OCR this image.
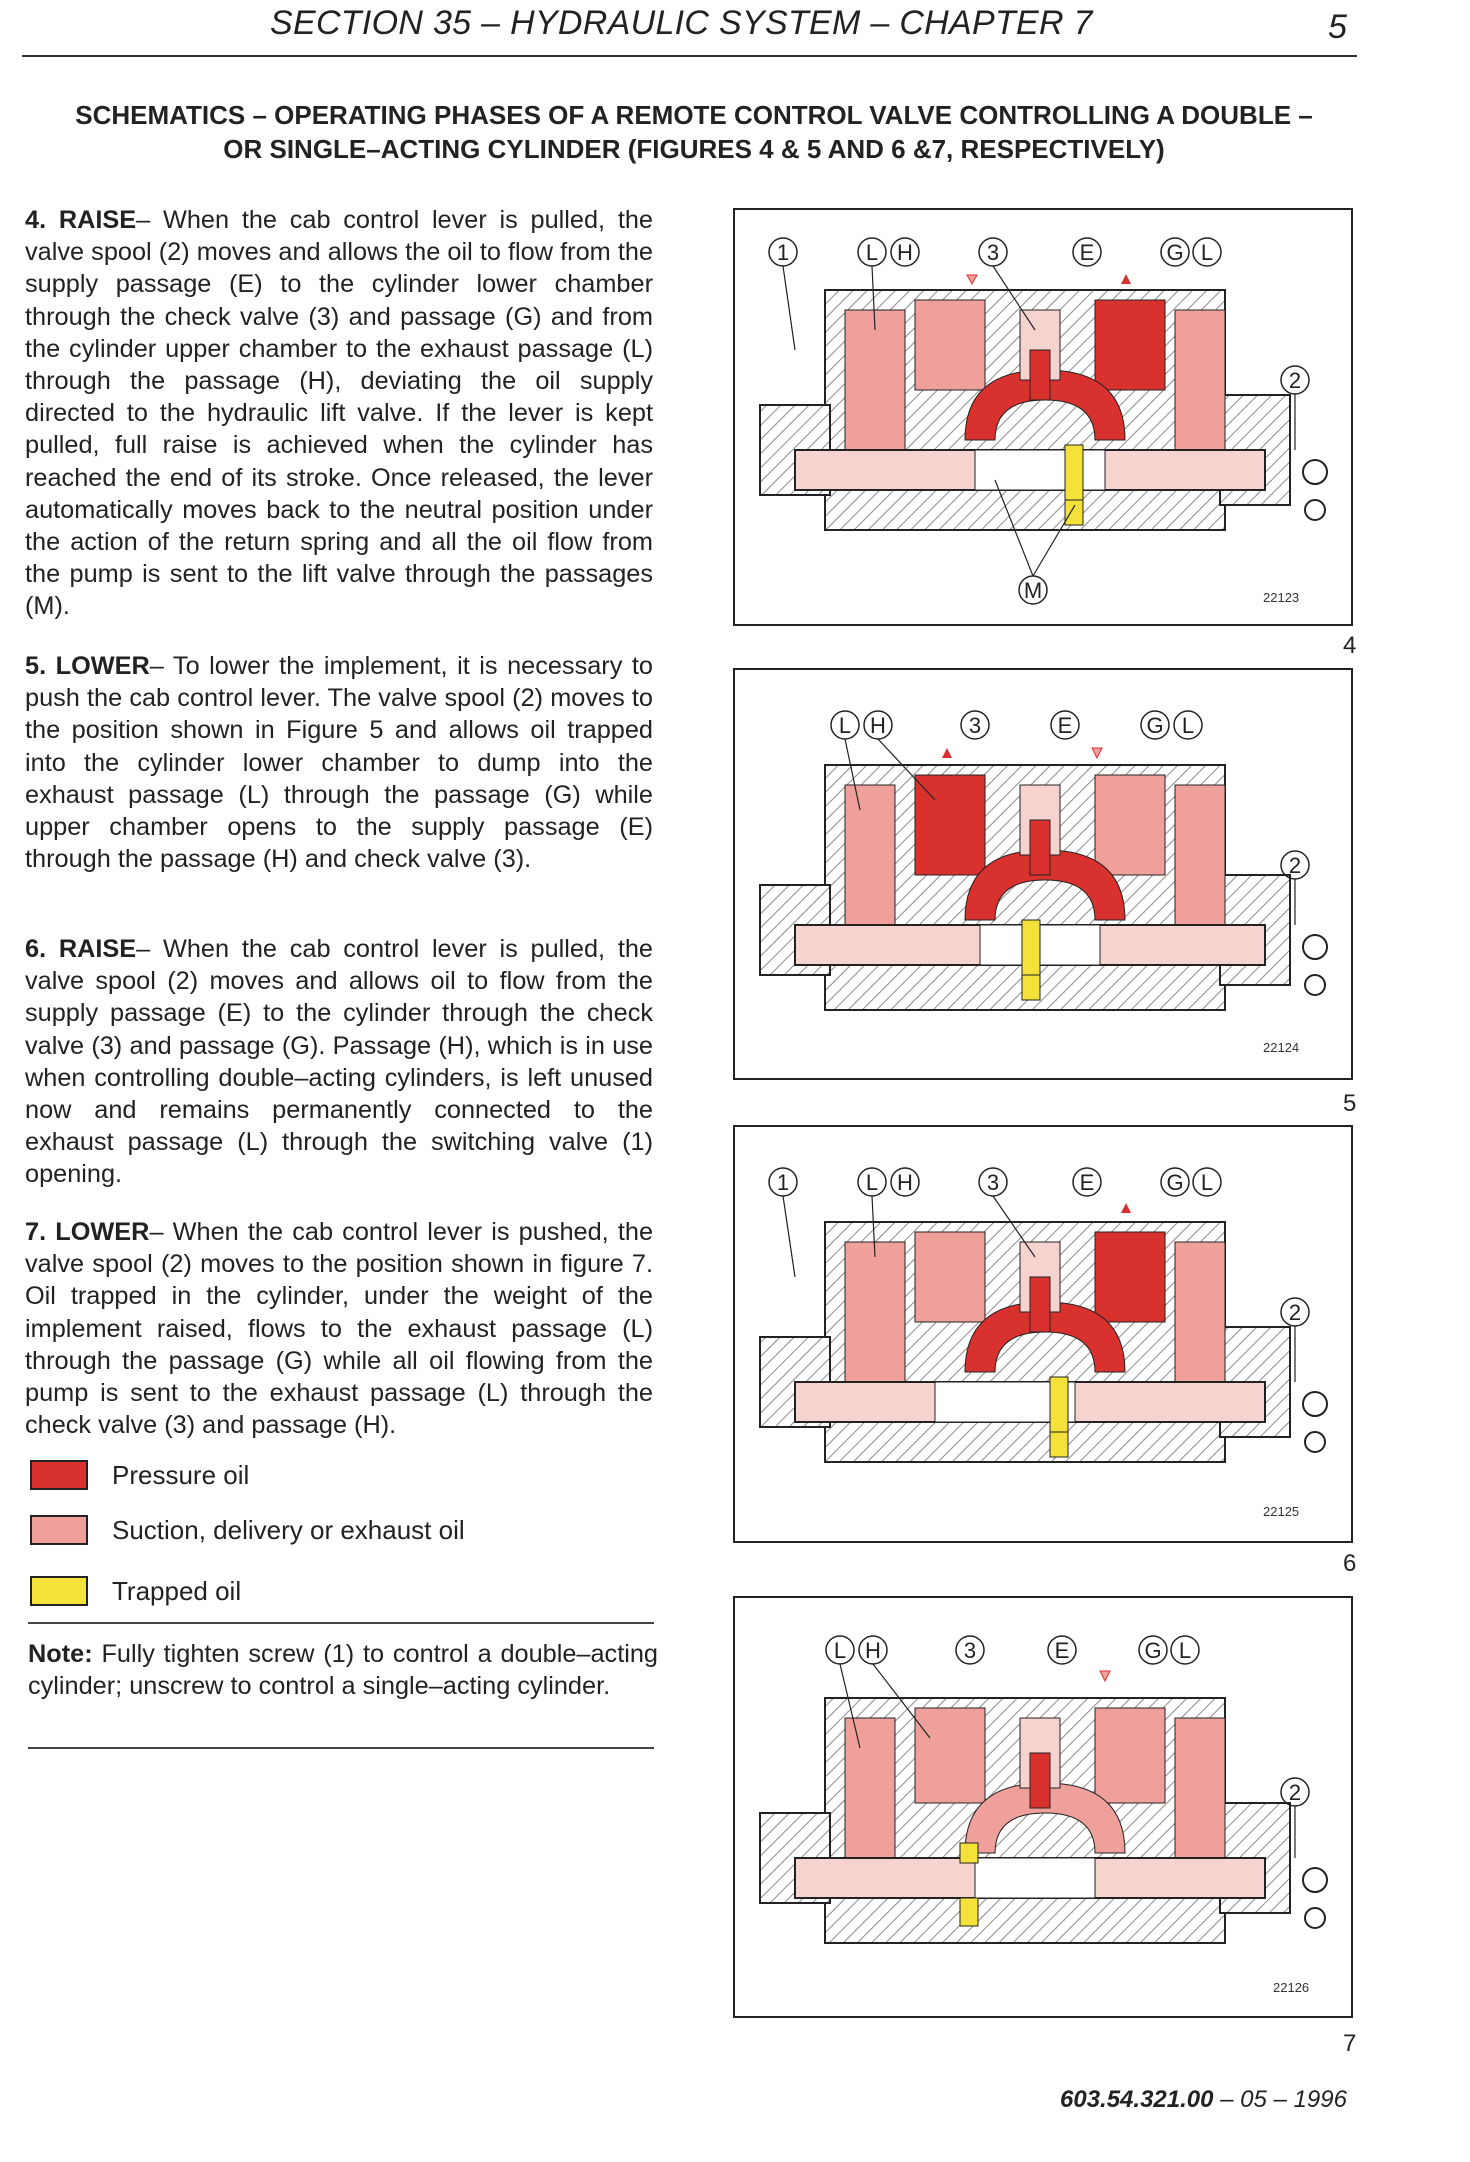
SECTION 35 – HYDRAULIC SYSTEM – CHAPTER 7	5
SCHEMATICS – OPERATING PHASES OF A REMOTE CONTROL VALVE CONTROLLING A DOUBLE –
OR SINGLE–ACTING CYLINDER (FIGURES 4 & 5 AND 6 &7, RESPECTIVELY)

4. RAISE– When the cab control lever is pulled, the valve spool (2) moves and allows the oil to flow from the supply passage (E) to the cylinder lower chamber through the check valve (3) and passage (G) and from the cylinder upper chamber to the exhaust passage (L) through the passage (H), deviating the oil supply directed to the hydraulic lift valve. If the lever is kept pulled, full raise is achieved when the cylinder has reached the end of its stroke. Once released, the lever automatically moves back to the neutral position under the action of the return spring and all the oil flow from the pump is sent to the lift valve through the passages (M).

5. LOWER– To lower the implement, it is necessary to push the cab control lever. The valve spool (2) moves to the position shown in Figure 5 and allows oil trapped into the cylinder lower chamber to dump into the exhaust passage (L) through the passage (G) while upper chamber opens to the supply passage (E) through the passage (H) and check valve (3).

6. RAISE– When the cab control lever is pulled, the valve spool (2) moves and allows oil to flow from the supply passage (E) to the cylinder through the check valve (3) and passage (G). Passage (H), which is in use when controlling double–acting cylinders, is left unused now and remains permanently connected to the exhaust passage (L) through the switching valve (1) opening.

7. LOWER– When the cab control lever is pushed, the valve spool (2) moves to the position shown in figure 7. Oil trapped in the cylinder, under the weight of the implement raised, flows to the exhaust passage (L) through the passage (G) while all oil flowing from the pump is sent to the exhaust passage (L) through the check valve (3) and passage (H).

Pressure oil
Suction, delivery or exhaust oil
Trapped oil

Note: Fully tighten screw (1) to control a double–acting cylinder; unscrew to control a single–acting cylinder.

1	L H	3	E	G L
2
M	22123
4
L H	3	E	G L
2
22124
5
1	L H	3	E	G L
2
22125
6
L H	3	E	G L
2
22126
7
603.54.321.00 – 05 – 1996
